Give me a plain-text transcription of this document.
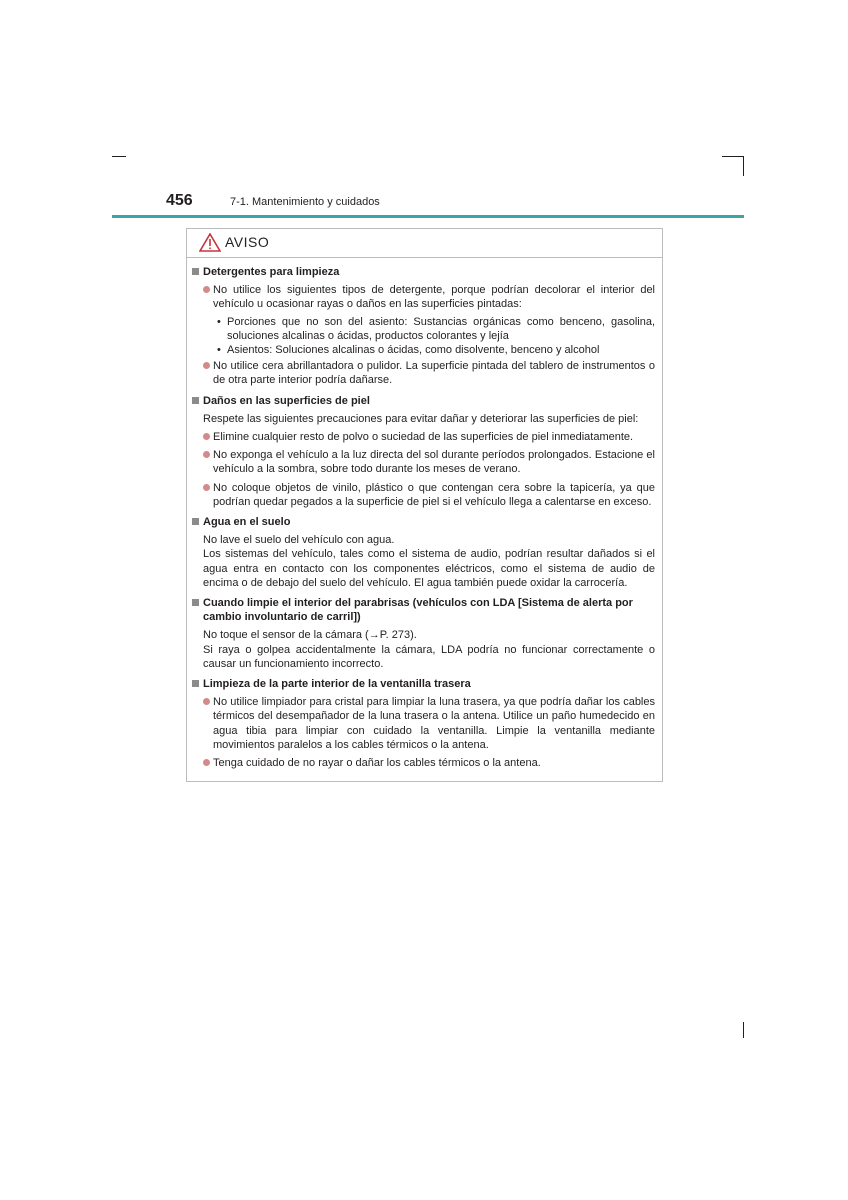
456	7-1. Mantenimiento y cuidados
AVISO
Detergentes para limpieza
No utilice los siguientes tipos de detergente, porque podrían decolorar el interior del vehículo u ocasionar rayas o daños en las superficies pintadas:
• Porciones que no son del asiento: Sustancias orgánicas como benceno, gasolina, soluciones alcalinas o ácidas, productos colorantes y lejía
• Asientos: Soluciones alcalinas o ácidas, como disolvente, benceno y alcohol
No utilice cera abrillantadora o pulidor. La superficie pintada del tablero de instrumentos o de otra parte interior podría dañarse.
Daños en las superficies de piel
Respete las siguientes precauciones para evitar dañar y deteriorar las superficies de piel:
Elimine cualquier resto de polvo o suciedad de las superficies de piel inmediatamente.
No exponga el vehículo a la luz directa del sol durante períodos prolongados. Estacione el vehículo a la sombra, sobre todo durante los meses de verano.
No coloque objetos de vinilo, plástico o que contengan cera sobre la tapicería, ya que podrían quedar pegados a la superficie de piel si el vehículo llega a calentarse en exceso.
Agua en el suelo
No lave el suelo del vehículo con agua.
Los sistemas del vehículo, tales como el sistema de audio, podrían resultar dañados si el agua entra en contacto con los componentes eléctricos, como el sistema de audio de encima o de debajo del suelo del vehículo. El agua también puede oxidar la carrocería.
Cuando limpie el interior del parabrisas (vehículos con LDA [Sistema de alerta por cambio involuntario de carril])
No toque el sensor de la cámara (→P. 273).
Si raya o golpea accidentalmente la cámara, LDA podría no funcionar correctamente o causar un funcionamiento incorrecto.
Limpieza de la parte interior de la ventanilla trasera
No utilice limpiador para cristal para limpiar la luna trasera, ya que podría dañar los cables térmicos del desempañador de la luna trasera o la antena. Utilice un paño humedecido en agua tibia para limpiar con cuidado la ventanilla. Limpie la ventanilla mediante movimientos paralelos a los cables térmicos o la antena.
Tenga cuidado de no rayar o dañar los cables térmicos o la antena.
